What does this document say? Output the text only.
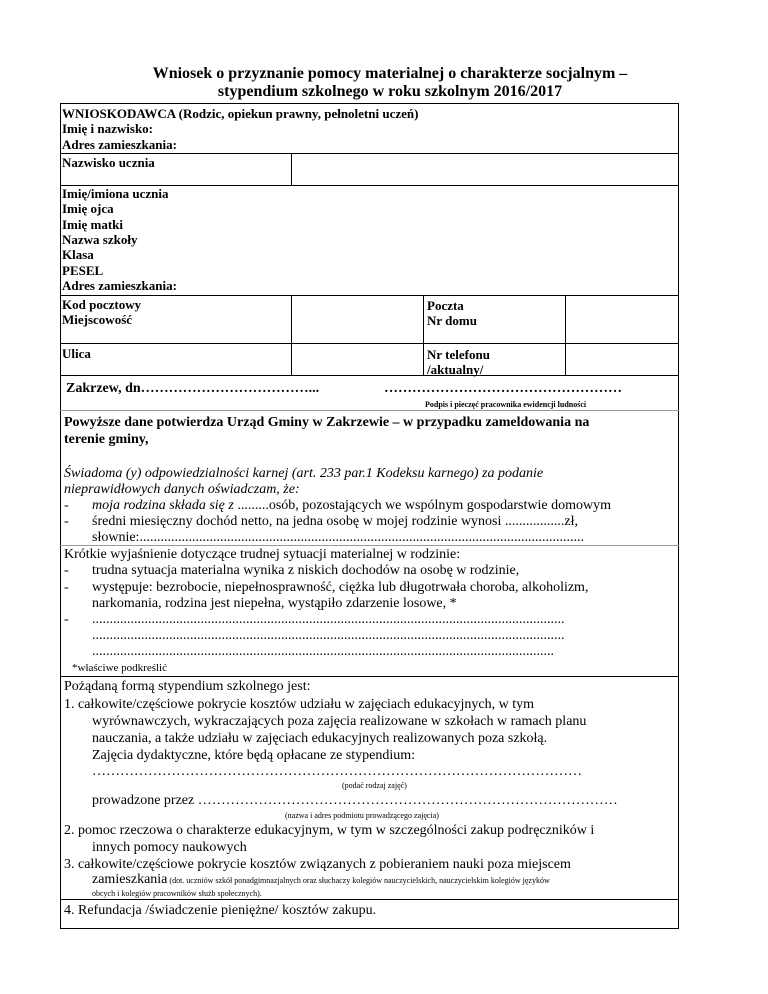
Wniosek o przyznanie pomocy materialnej o charakterze socjalnym –
stypendium szkolnego w roku szkolnym 2016/2017
WNIOSKODAWCA (Rodzic, opiekun prawny, pełnoletni uczeń)
Imię i nazwisko:
Adres zamieszkania:
Nazwisko ucznia
Imię/imiona ucznia
Imię ojca
Imię matki
Nazwa szkoły
Klasa
PESEL
Adres zamieszkania:
Kod pocztowy
Miejscowość
Poczta
Nr domu
Ulica	Nr telefonu
/aktualny/
Zakrzew, dn………………………………...	……………………………………………
Podpis i pieczęć pracownika ewidencji ludności
Powyższe dane potwierdza Urząd Gminy w Zakrzewie – w przypadku zameldowania na
terenie gminy,
Świadoma (y) odpowiedzialności karnej (art. 233 par.1 Kodeksu karnego) za podanie
nieprawidłowych danych oświadczam, że:
- moja rodzina składa się z .........osób, pozostających we wspólnym gospodarstwie domowym
- średni miesięczny dochód netto, na jedna osobę w mojej rodzinie wynosi .................zł,
słownie:...............................................................................................................................
Krótkie wyjaśnienie dotyczące trudnej sytuacji materialnej w rodzinie:
- trudna sytuacja materialna wynika z niskich dochodów na osobę w rodzinie,
- występuje: bezrobocie, niepełnosprawność, ciężka lub długotrwała choroba, alkoholizm,
narkomania, rodzina jest niepełna, wystąpiło zdarzenie losowe, *
- .......................................................................................................................................
.......................................................................................................................................
....................................................................................................................................
*właściwe podkreślić
Pożądaną formą stypendium szkolnego jest:
1. całkowite/częściowe pokrycie kosztów udziału w zajęciach edukacyjnych, w tym
wyrównawczych, wykraczających poza zajęcia realizowane w szkołach w ramach planu
nauczania, a także udziału w zajęciach edukacyjnych realizowanych poza szkołą.
Zajęcia dydaktyczne, które będą opłacane ze stypendium:
……………………………………………………………………………………………
(podać rodzaj zajęć)
prowadzone przez ………………………………………………………………………………
(nazwa i adres podmiotu prowadzącego zajęcia)
2. pomoc rzeczowa o charakterze edukacyjnym, w tym w szczególności zakup podręczników i
innych pomocy naukowych
3. całkowite/częściowe pokrycie kosztów związanych z pobieraniem nauki poza miejscem
zamieszkania (dot. uczniów szkół ponadgimnazjalnych oraz słuchaczy kolegiów nauczycielskich, nauczycielskim kolegiów języków
obcych i kolegiów pracowników służb społecznych).
4. Refundacja /świadczenie pieniężne/ kosztów zakupu.
